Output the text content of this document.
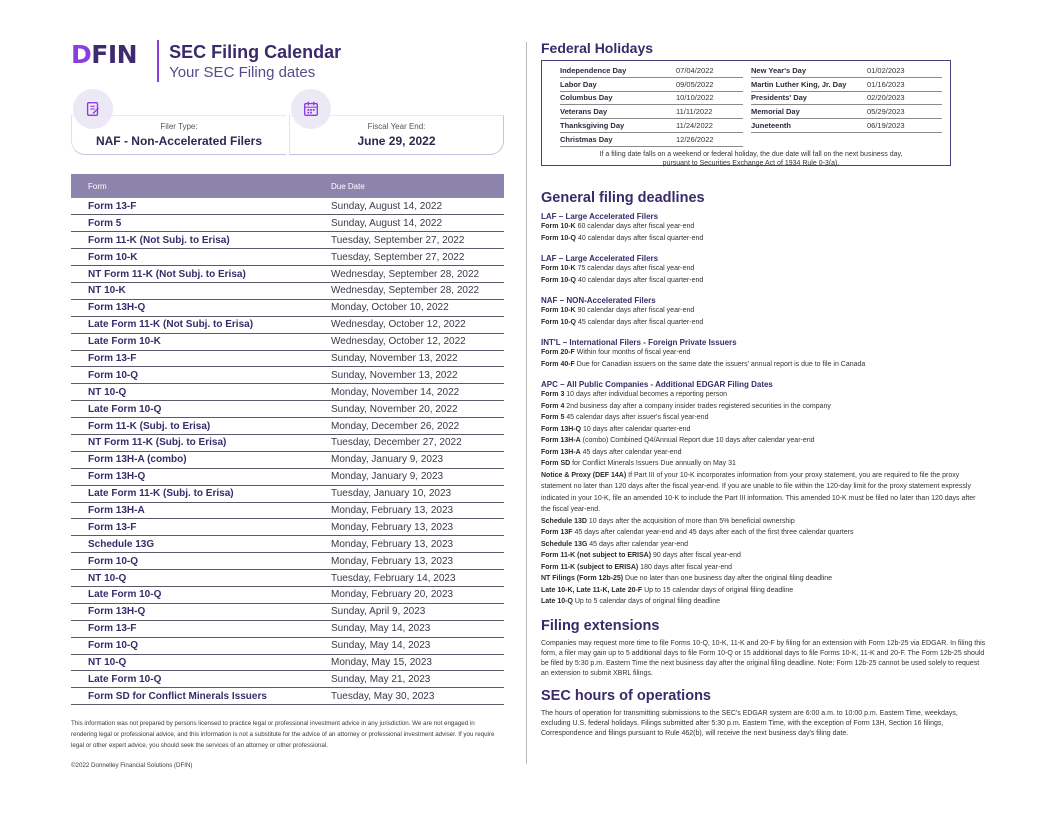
DFIN SEC Filing Calendar
Your SEC Filing dates
Filer Type:
NAF - Non-Accelerated Filers
Fiscal Year End:
June 29, 2022
Form	Due Date
Form 13-F	Sunday, August 14, 2022
Form 5	Sunday, August 14, 2022
Form 11-K (Not Subj. to Erisa)	Tuesday, September 27, 2022
Form 10-K	Tuesday, September 27, 2022
NT Form 11-K (Not Subj. to Erisa)	Wednesday, September 28, 2022
NT 10-K	Wednesday, September 28, 2022
Form 13H-Q	Monday, October 10, 2022
Late Form 11-K (Not Subj. to Erisa)	Wednesday, October 12, 2022
Late Form 10-K	Wednesday, October 12, 2022
Form 13-F	Sunday, November 13, 2022
Form 10-Q	Sunday, November 13, 2022
NT 10-Q	Monday, November 14, 2022
Late Form 10-Q	Sunday, November 20, 2022
Form 11-K (Subj. to Erisa)	Monday, December 26, 2022
NT Form 11-K (Subj. to Erisa)	Tuesday, December 27, 2022
Form 13H-A (combo)	Monday, January 9, 2023
Form 13H-Q	Monday, January 9, 2023
Late Form 11-K (Subj. to Erisa)	Tuesday, January 10, 2023
Form 13H-A	Monday, February 13, 2023
Form 13-F	Monday, February 13, 2023
Schedule 13G	Monday, February 13, 2023
Form 10-Q	Monday, February 13, 2023
NT 10-Q	Tuesday, February 14, 2023
Late Form 10-Q	Monday, February 20, 2023
Form 13H-Q	Sunday, April 9, 2023
Form 13-F	Sunday, May 14, 2023
Form 10-Q	Sunday, May 14, 2023
NT 10-Q	Monday, May 15, 2023
Late Form 10-Q	Sunday, May 21, 2023
Form SD for Conflict Minerals Issuers	Tuesday, May 30, 2023
This information was not prepared by persons licensed to practice legal or professional investment advice in any jurisdiction. We are not engaged in rendering legal or professional advice, and this information is not a substitute for the advice of an attorney or professional investment adviser. If you require legal or other expert advice, you should seek the services of an attorney or other professional.
©2022 Donnelley Financial Solutions (DFIN)
Federal Holidays
Independence Day	07/04/2022
Labor Day	09/05/2022
Columbus Day	10/10/2022
Veterans Day	11/11/2022
Thanksgiving Day	11/24/2022
Christmas Day	12/26/2022
New Year's Day	01/02/2023
Martin Luther King, Jr. Day	01/16/2023
Presidents' Day	02/20/2023
Memorial Day	05/29/2023
Juneteenth	06/19/2023
If a filing date falls on a weekend or federal holiday, the due date will fall on the next business day, pursuant to Securities Exchange Act of 1934 Rule 0-3(a).
General filing deadlines
LAF – Large Accelerated Filers
Form 10-K 60 calendar days after fiscal year-end
Form 10-Q 40 calendar days after fiscal quarter-end
LAF – Large Accelerated Filers
Form 10-K 75 calendar days after fiscal year-end
Form 10-Q 40 calendar days after fiscal quarter-end
NAF – NON-Accelerated Filers
Form 10-K 90 calendar days after fiscal year-end
Form 10-Q 45 calendar days after fiscal quarter-end
INT'L – International Filers - Foreign Private Issuers
Form 20-F Within four months of fiscal year-end
Form 40-F Due for Canadian issuers on the same date the issuers' annual report is due to file in Canada
APC – All Public Companies - Additional EDGAR Filing Dates
Form 3 10 days after individual becomes a reporting person
Form 4 2nd business day after a company insider trades registered securities in the company
Form 5 45 calendar days after issuer's fiscal year-end
Form 13H-Q 10 days after calendar quarter-end
Form 13H-A (combo) Combined Q4/Annual Report due 10 days after calendar year-end
Form 13H-A 45 days after calendar year-end
Form SD for Conflict Minerals Issuers Due annually on May 31
Notice & Proxy (DEF 14A) If Part III of your 10-K incorporates information from your proxy statement, you are required to file the proxy statement no later than 120 days after the fiscal year-end. If you are unable to file within the 120-day limit for the proxy statement expressly indicated in your 10-K, file an amended 10-K to include the Part III information. This amended 10-K must be filed no later than 120 days after the fiscal year-end.
Schedule 13D 10 days after the acquisition of more than 5% beneficial ownership
Form 13F 45 days after calendar year-end and 45 days after each of the first three calendar quarters
Schedule 13G 45 days after calendar year-end
Form 11-K (not subject to ERISA) 90 days after fiscal year-end
Form 11-K (subject to ERISA) 180 days after fiscal year-end
NT Filings (Form 12b-25) Due no later than one business day after the original filing deadline
Late 10-K, Late 11-K, Late 20-F Up to 15 calendar days of original filing deadline
Late 10-Q Up to 5 calendar days of original filing deadline
Filing extensions
Companies may request more time to file Forms 10-Q, 10-K, 11-K and 20-F by filing for an extension with Form 12b-25 via EDGAR. In filing this form, a filer may gain up to 5 additional days to file Form 10-Q or 15 additional days to file Forms 10-K, 11-K and 20-F. The Form 12b-25 should be filed by 5:30 p.m. Eastern Time the next business day after the original filing deadline. Note: Form 12b-25 cannot be used solely to request an extension to submit XBRL filings.
SEC hours of operations
The hours of operation for transmitting submissions to the SEC's EDGAR system are 6:00 a.m. to 10:00 p.m. Eastern Time, weekdays, excluding U.S. federal holidays. Filings submitted after 5:30 p.m. Eastern Time, with the exception of Form 13H, Section 16 filings, Correspondence and filings pursuant to Rule 462(b), will receive the next business day's filing date.
